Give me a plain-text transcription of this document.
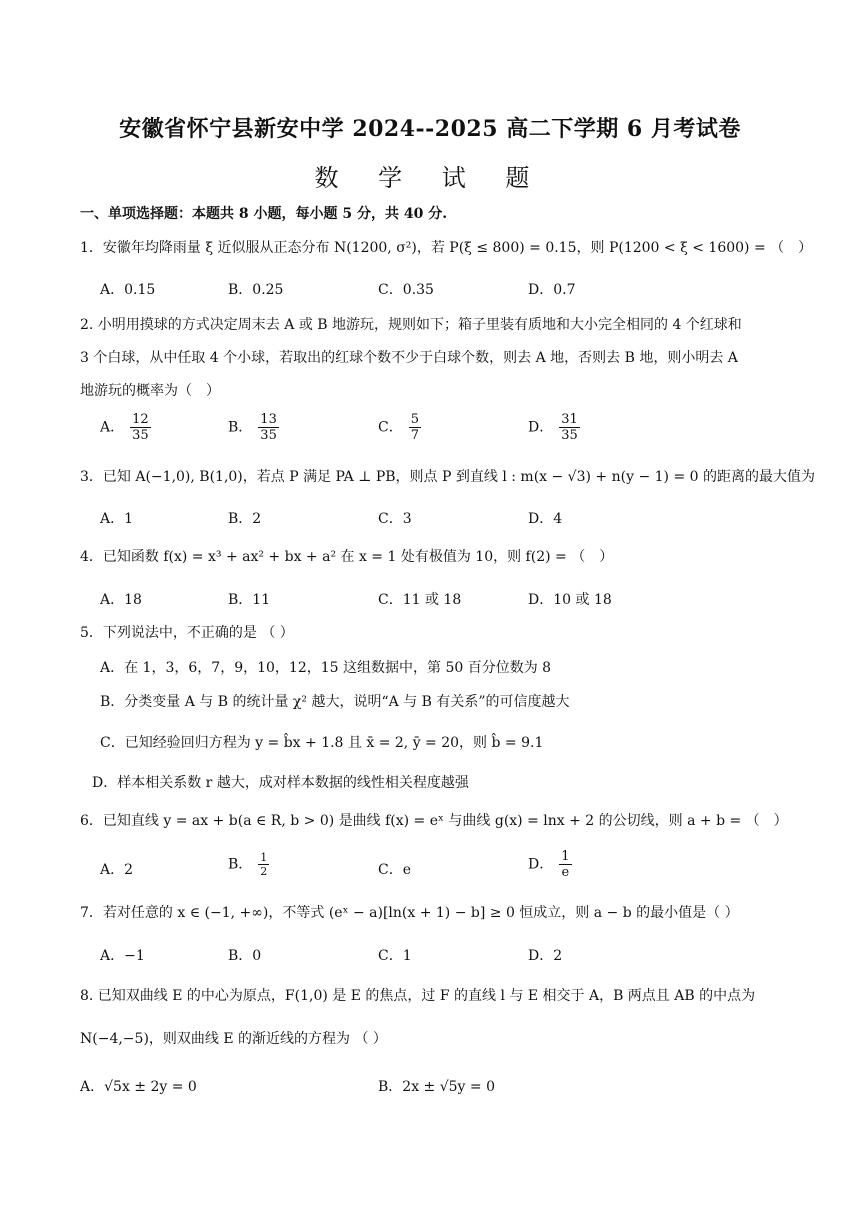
安徽省怀宁县新安中学 2024--2025 高二下学期 6 月考试卷
数 学 试 题
一、单项选择题：本题共 8 小题，每小题 5 分，共 40 分.
1．安徽年均降雨量 ξ 近似服从正态分布 N(1200, σ²)，若 P(ξ ≤ 800) = 0.15，则 P(1200 < ξ < 1600) = （　）
A．0.15	B．0.25	C．0.35	D．0.7
2. 小明用摸球的方式决定周末去 A 或 B 地游玩，规则如下；箱子里装有质地和大小完全相同的 4 个红球和
3 个白球，从中任取 4 个小球，若取出的红球个数不少于白球个数，则去 A 地，否则去 B 地，则小明去 A
地游玩的概率为（　）
A． $\frac{12}{35}$	B． $\frac{13}{35}$	C． $\frac{5}{7}$	D． $\frac{31}{35}$
3．已知 A(−1,0), B(1,0)，若点 P 满足 PA ⊥ PB，则点 P 到直线 l : m(x − √3) + n(y − 1) = 0 的距离的最大值为
A．1	B．2	C．3	D．4
4．已知函数 f(x) = x³ + ax² + bx + a² 在 x = 1 处有极值为 10，则 f(2) = （　）
A．18	B．11	C．11 或 18	D．10 或 18
5．下列说法中，不正确的是 （ ）
A．在 1，3，6，7，9，10，12，15 这组数据中，第 50 百分位数为 8
B．分类变量 A 与 B 的统计量 χ² 越大，说明“A 与 B 有关系”的可信度越大
C．已知经验回归方程为 y = b̂x + 1.8 且 x̄ = 2, ȳ = 20，则 b̂ = 9.1
D．样本相关系数 r 越大，成对样本数据的线性相关程度越强
6．已知直线 y = ax + b(a ∈ R, b > 0) 是曲线 f(x) = eˣ 与曲线 g(x) = lnx + 2 的公切线，则 a + b = （　）
A．2	B． $\frac{1}{2}$	C．e	D． $\frac{1}{e}$
7．若对任意的 x ∈ (−1, +∞)，不等式 (eˣ − a)[ln(x + 1) − b] ≥ 0 恒成立，则 a − b 的最小值是（ ）
A．−1	B．0	C．1	D．2
8. 已知双曲线 E 的中心为原点，F(1,0) 是 E 的焦点，过 F 的直线 l 与 E 相交于 A，B 两点且 AB 的中点为
N(−4,−5)，则双曲线 E 的渐近线的方程为 （ ）
A．√5x ± 2y = 0	B．2x ± √5y = 0
